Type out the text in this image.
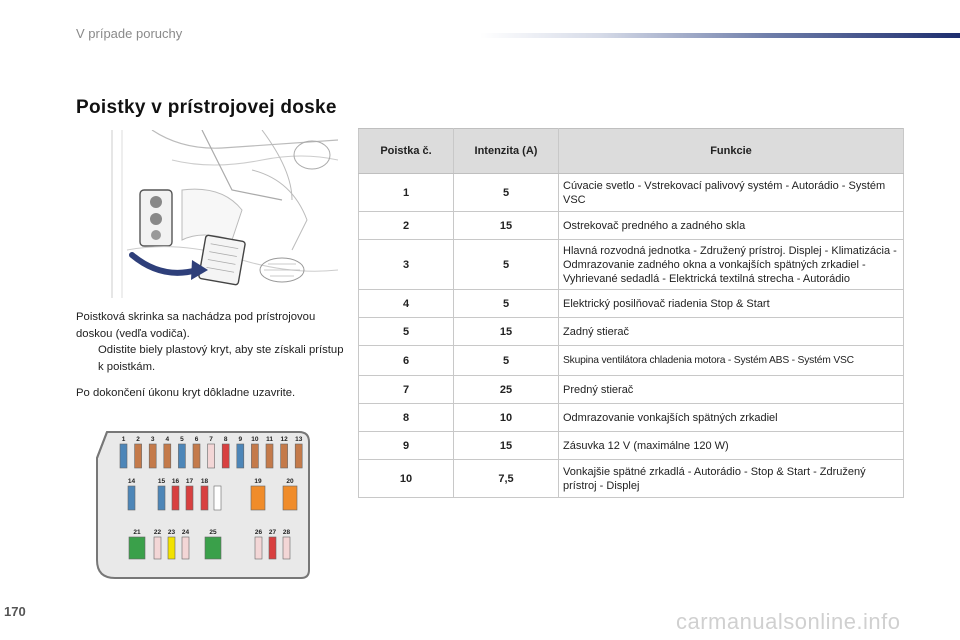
V prípade poruchy
Poistky v prístrojovej doske

Poistková skrinka sa nachádza pod prístrojovou doskou (vedľa vodiča).

Odistite biely plastový kryt, aby ste získali prístup k poistkám.

Po dokončení úkonu kryt dôkladne uzavrite.

1 2 3 4 5 6 7 8 9 10 11 12 13
14	15 16 17 18	19	20
21 22 23 24	25	26 27 28
Poistka č.	Intenzita (A)	Funkcie
1	5	Cúvacie svetlo - Vstrekovací palivový systém - Autorádio - Systém VSC
2	15	Ostrekovač predného a zadného skla
3	5	Hlavná rozvodná jednotka - Združený prístroj. Displej - Klimatizácia - Odmrazovanie zadného okna a vonkajších spätných zrkadiel - Vyhrievané sedadlá - Elektrická textilná strecha - Autorádio
4	5	Elektrický posilňovač riadenia Stop & Start
5	15	Zadný stierač
6	5	Skupina ventilátora chladenia motora - Systém ABS - Systém VSC
7	25	Predný stierač
8	10	Odmrazovanie vonkajších spätných zrkadiel
9	15	Zásuvka 12 V (maximálne 120 W)
10	7,5	Vonkajšie spätné zrkadlá - Autorádio - Stop & Start - Združený prístroj - Displej
170	carmanualsonline.info
